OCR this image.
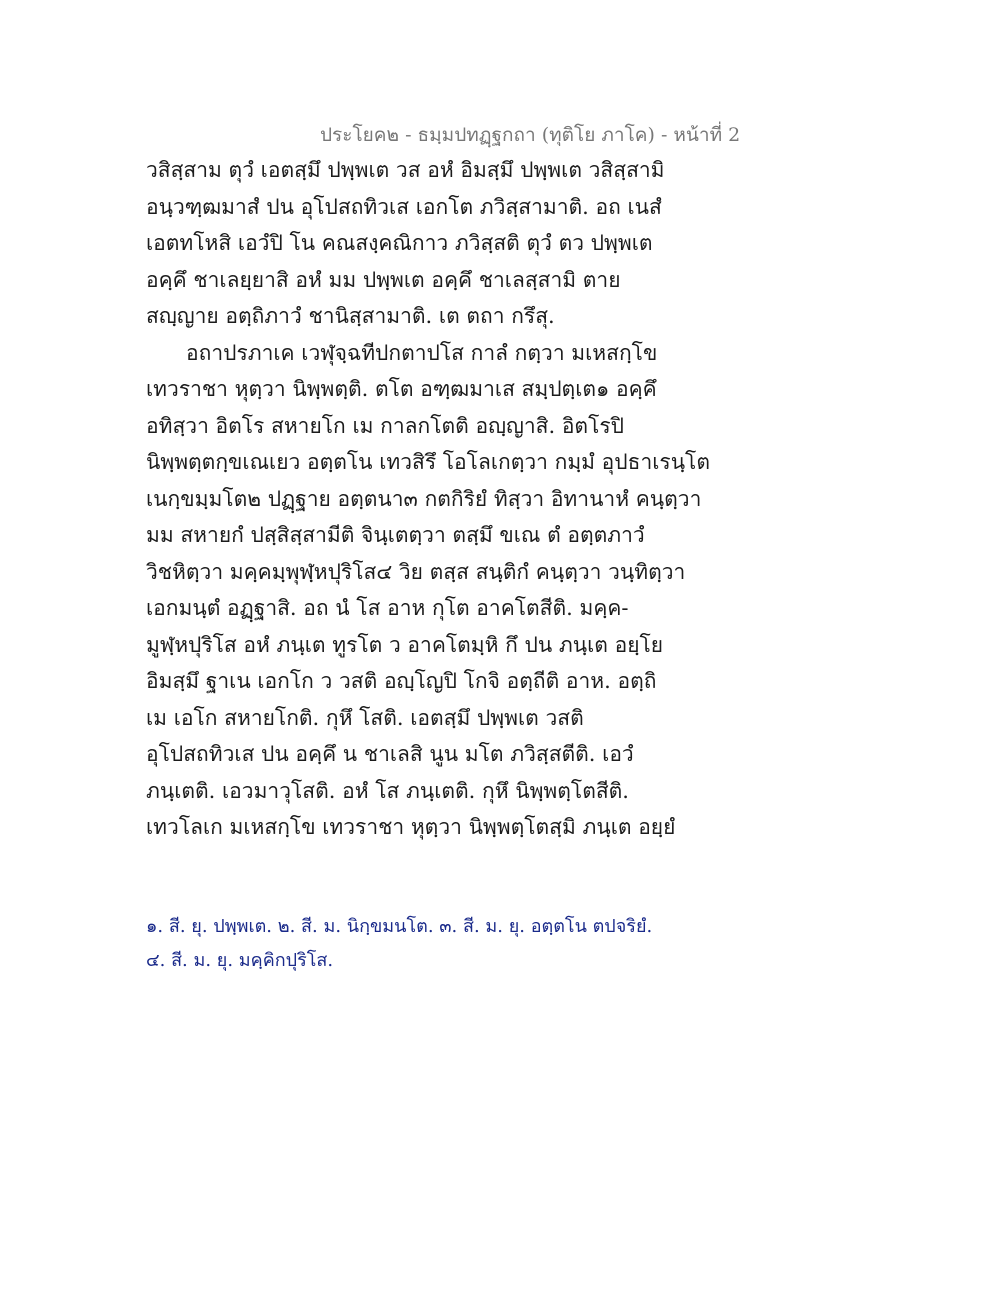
ประโยค๒ - ธมฺมปทฏฺฐกถา (ทุติโย ภาโค) - หน้าที่ 2
วสิสฺสาม ตุวํ เอตสฺมึ ปพฺพเต วส อหํ อิมสฺมึ ปพฺพเต วสิสฺสามิ
อนฺวฑฺฒมาสํ ปน อุโปสถทิวเส เอกโต ภวิสฺสามาติ. อถ เนสํ
เอตทโหสิ เอวํปิ โน คณสงฺคณิกาว ภวิสฺสติ ตุวํ ตว ปพฺพเต
อคฺคึ ชาเลยฺยาสิ อหํ มม ปพฺพเต อคฺคึ ชาเลสฺสามิ ตาย
สญฺญาย อตฺถิภาวํ ชานิสฺสามาติ. เต ตถา กรึสุ.
อถาปรภาเค เวฬุจฺฉทีปกตาปโส กาลํ กตฺวา มเหสกฺโข
เทวราชา หุตฺวา นิพฺพตฺติ. ตโต อฑฺฒมาเส สมฺปตฺเต๑ อคฺคึ
อทิสฺวา อิตโร สหายโก เม กาลกโตติ อญฺญาสิ. อิตโรปิ
นิพฺพตฺตกฺขเณเยว อตฺตโน เทวสิรึ โอโลเกตฺวา กมฺมํ อุปธาเรนฺโต
เนกฺขมฺมโต๒ ปฏฺฐาย อตฺตนา๓ กตกิริยํ ทิสฺวา อิทานาหํ คนฺตฺวา
มม สหายกํ ปสฺสิสฺสามีติ จินฺเตตฺวา ตสฺมึ ขเณ ตํ อตฺตภาวํ
วิชหิตฺวา มคฺคมฺพุฬฺหปุริโส๔ วิย ตสฺส สนฺติกํ คนฺตฺวา วนฺทิตฺวา
เอกมนฺตํ อฏฺฐาสิ. อถ นํ โส อาห กุโต อาคโตสีติ. มคฺค-
มูฬฺหปุริโส อหํ ภนฺเต ทูรโต ว อาคโตมฺหิ กึ ปน ภนฺเต อยฺโย
อิมสฺมึ ฐาเน เอกโก ว วสติ อญฺโญปิ โกจิ อตฺถีติ อาห. อตฺถิ
เม เอโก สหายโกติ. กุหึ โสติ. เอตสฺมึ ปพฺพเต วสติ
อุโปสถทิวเส ปน อคฺคึ น ชาเลสิ นูน มโต ภวิสฺสตีติ. เอวํ
ภนฺเตติ. เอวมาวุโสติ. อหํ โส ภนฺเตติ. กุหึ นิพฺพตฺโตสีติ.
เทวโลเก มเหสกฺโข เทวราชา หุตฺวา นิพฺพตฺโตสฺมิ ภนฺเต อยฺยํ
๑. สี. ยุ. ปพฺพเต. ๒. สี. ม. นิกฺขมนโต. ๓. สี. ม. ยุ. อตฺตโน ตปจริยํ.
๔. สี. ม. ยุ. มคฺคิกปุริโส.
